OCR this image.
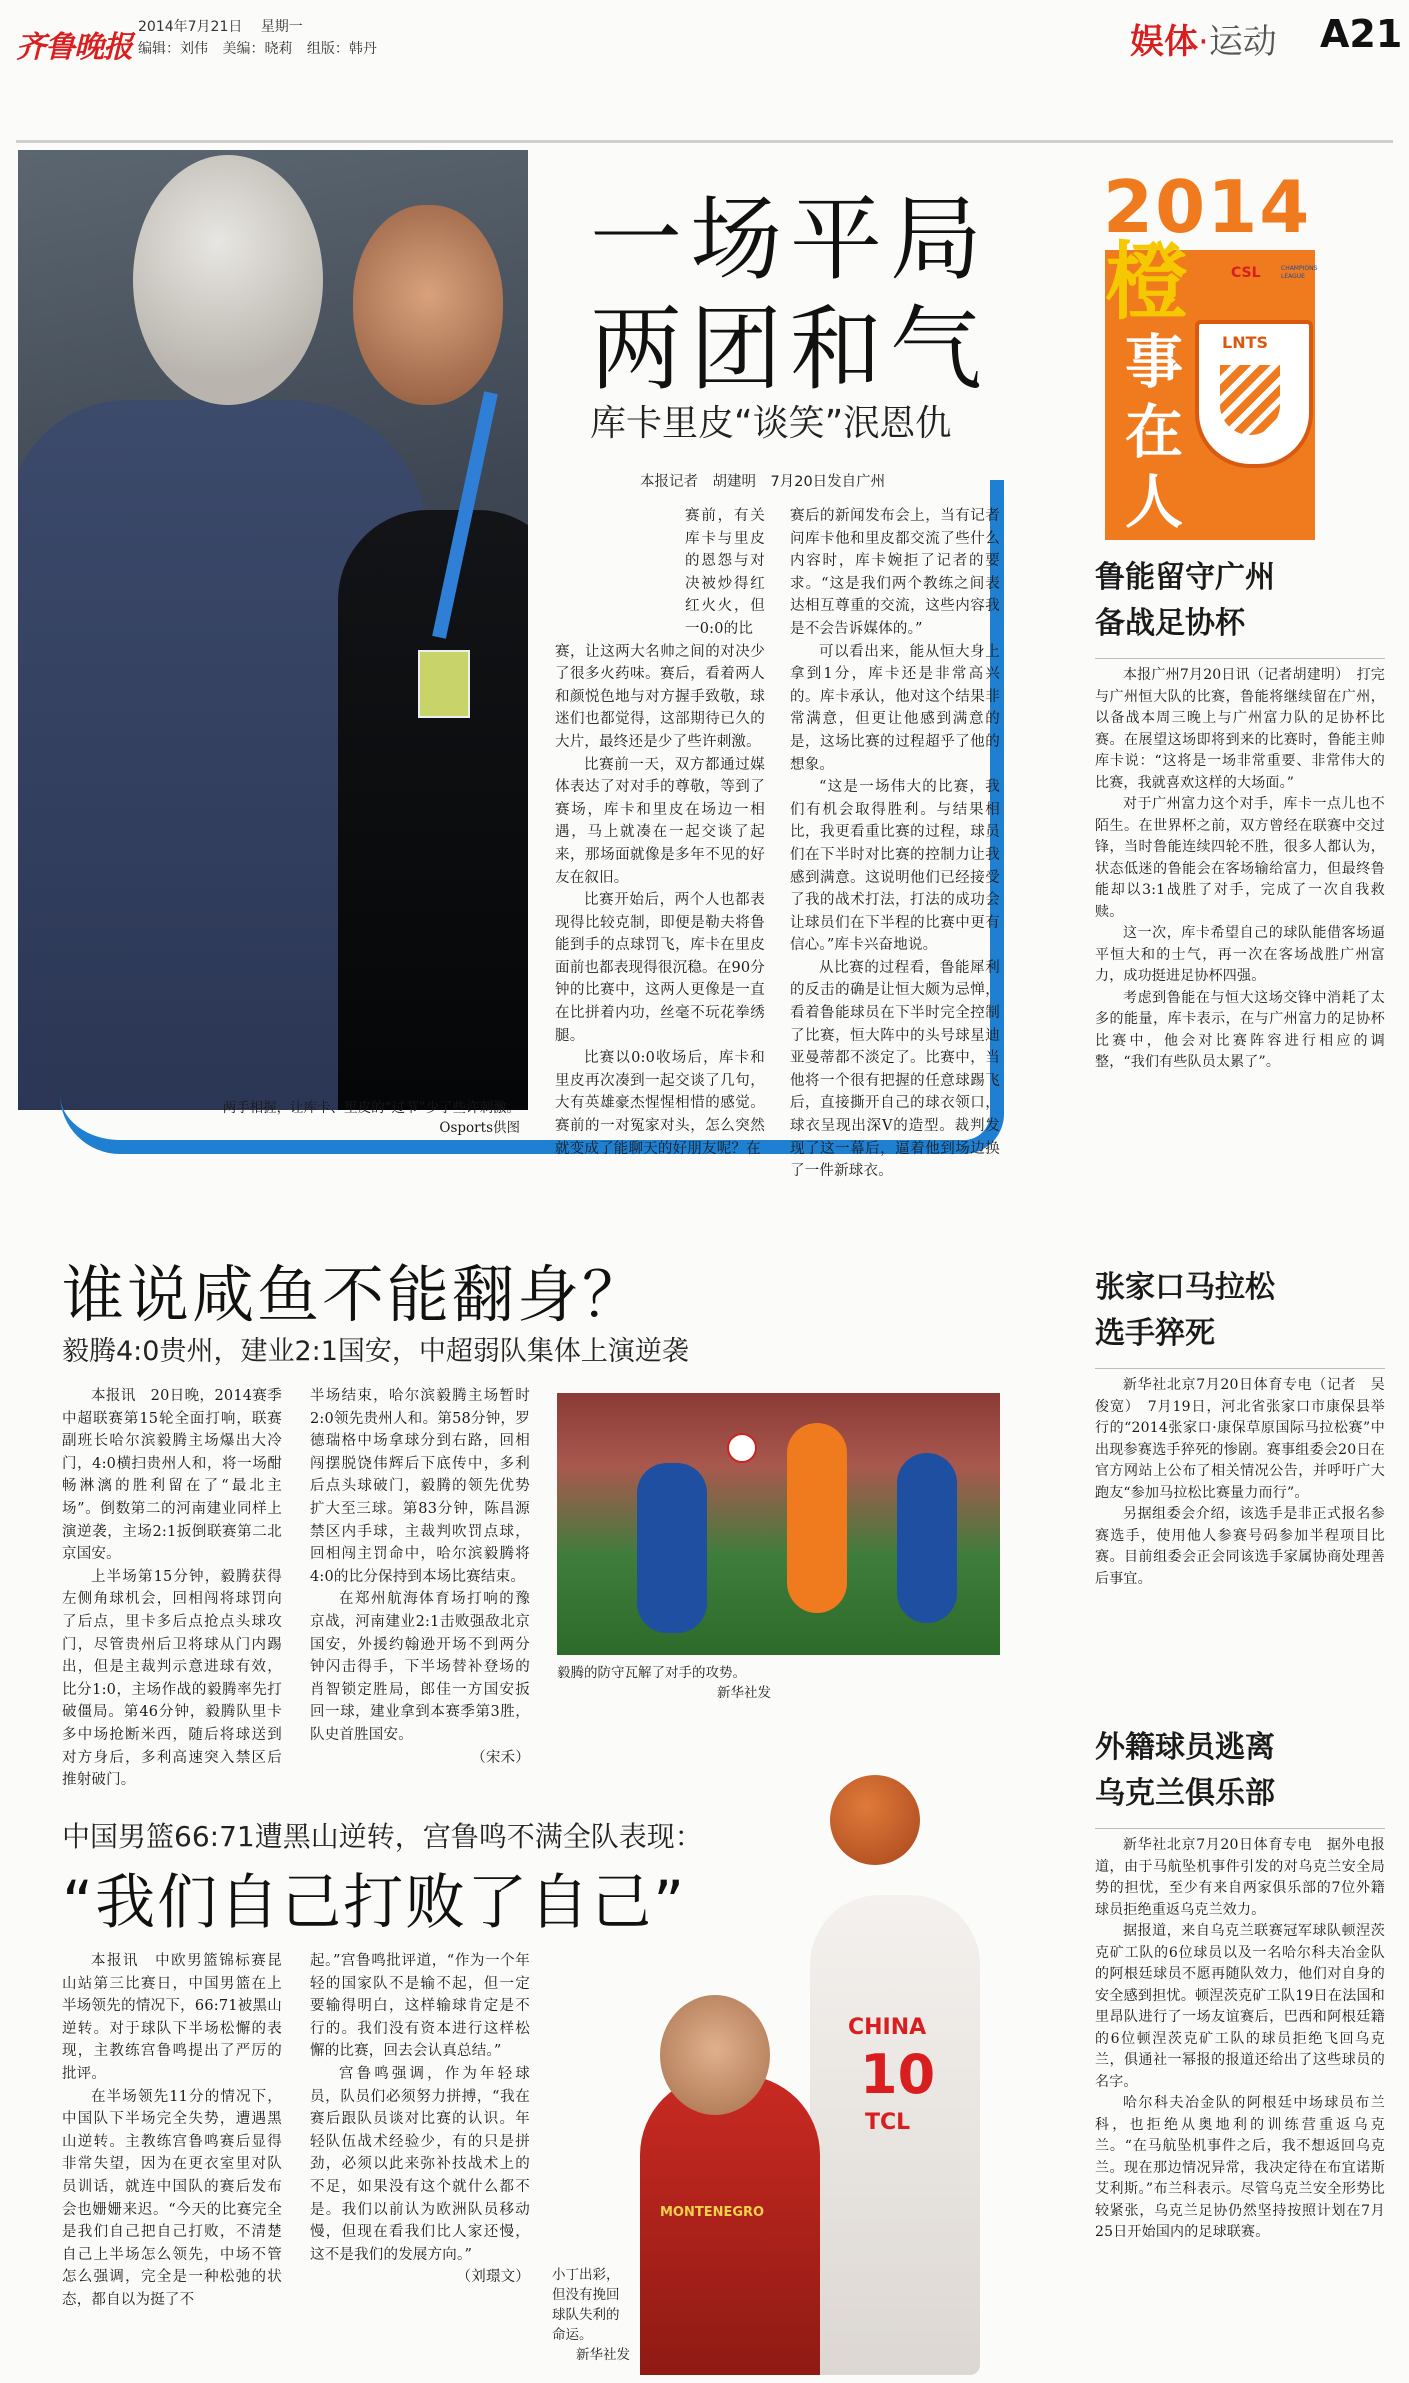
齐鲁晚报
2014年7月21日 星期一
编辑：刘伟 美编：晓莉 组版：韩丹	娱体·运动 A21
一场平局
两团和气
库卡里皮“谈笑”泯恩仇
本报记者　胡建明　7月20日发自广州

赛前，有关库卡与里皮的恩怨与对决被炒得红红火火，但一0:0的比

赛，让这两大名帅之间的对决少了很多火药味。赛后，看着两人和颜悦色地与对方握手致敬，球迷们也都觉得，这部期待已久的大片，最终还是少了些许刺激。

比赛前一天，双方都通过媒体表达了对对手的尊敬，等到了赛场，库卡和里皮在场边一相遇，马上就凑在一起交谈了起来，那场面就像是多年不见的好友在叙旧。

比赛开始后，两个人也都表现得比较克制，即便是勒夫将鲁能到手的点球罚飞，库卡在里皮面前也都表现得很沉稳。在90分钟的比赛中，这两人更像是一直在比拼着内功，丝毫不玩花拳绣腿。

比赛以0:0收场后，库卡和里皮再次凑到一起交谈了几句，大有英雄豪杰惺惺相惜的感觉。赛前的一对冤家对头，怎么突然就变成了能聊天的好朋友呢？在

赛后的新闻发布会上，当有记者问库卡他和里皮都交流了些什么内容时，库卡婉拒了记者的要求。“这是我们两个教练之间表达相互尊重的交流，这些内容我是不会告诉媒体的。”

可以看出来，能从恒大身上拿到1分，库卡还是非常高兴的。库卡承认，他对这个结果非常满意，但更让他感到满意的是，这场比赛的过程超乎了他的想象。

“这是一场伟大的比赛，我们有机会取得胜利。与结果相比，我更看重比赛的过程，球员们在下半时对比赛的控制力让我感到满意。这说明他们已经接受了我的战术打法，打法的成功会让球员们在下半程的比赛中更有信心。”库卡兴奋地说。

从比赛的过程看，鲁能犀利的反击的确是让恒大颇为忌惮，看着鲁能球员在下半时完全控制了比赛，恒大阵中的头号球星迪亚曼蒂都不淡定了。比赛中，当他将一个很有把握的任意球踢飞后，直接撕开自己的球衣领口，球衣呈现出深V的造型。裁判发现了这一幕后，逼着他到场边换了一件新球衣。

两手相握，让库卡、里皮的“过节”少了些许刺激。
Osports供图
谁说咸鱼不能翻身？
毅腾4:0贵州，建业2:1国安，中超弱队集体上演逆袭

本报讯　20日晚，2014赛季中超联赛第15轮全面打响，联赛副班长哈尔滨毅腾主场爆出大冷门，4:0横扫贵州人和，将一场酣畅淋漓的胜利留在了“最北主场”。倒数第二的河南建业同样上演逆袭，主场2:1扳倒联赛第二北京国安。

上半场第15分钟，毅腾获得左侧角球机会，回相闯将球罚向了后点，里卡多后点抢点头球攻门，尽管贵州后卫将球从门内踢出，但是主裁判示意进球有效，比分1:0，主场作战的毅腾率先打破僵局。第46分钟，毅腾队里卡多中场抢断米西，随后将球送到对方身后，多利高速突入禁区后推射破门。

半场结束，哈尔滨毅腾主场暂时2:0领先贵州人和。第58分钟，罗德瑞格中场拿球分到右路，回相闯摆脱饶伟辉后下底传中，多利后点头球破门，毅腾的领先优势扩大至三球。第83分钟，陈昌源禁区内手球，主裁判吹罚点球，回相闯主罚命中，哈尔滨毅腾将4:0的比分保持到本场比赛结束。

在郑州航海体育场打响的豫京战，河南建业2:1击败强敌北京国安，外援约翰逊开场不到两分钟闪击得手，下半场替补登场的肖智锁定胜局，郎佳一方国安扳回一球，建业拿到本赛季第3胜，队史首胜国安。

（宋禾）
毅腾的防守瓦解了对手的攻势。
新华社发
中国男篮66:71遭黑山逆转，宫鲁鸣不满全队表现：
“我们自己打败了自己”

本报讯　中欧男篮锦标赛昆山站第三比赛日，中国男篮在上半场领先的情况下，66:71被黑山逆转。对于球队下半场松懈的表现，主教练宫鲁鸣提出了严厉的批评。

在半场领先11分的情况下，中国队下半场完全失势，遭遇黑山逆转。主教练宫鲁鸣赛后显得非常失望，因为在更衣室里对队员训话，就连中国队的赛后发布会也姗姗来迟。“今天的比赛完全是我们自己把自己打败，不清楚自己上半场怎么领先，中场不管怎么强调，完全是一种松弛的状态，都自以为挺了不

起。”宫鲁鸣批评道，“作为一个年轻的国家队不是输不起，但一定要输得明白，这样输球肯定是不行的。我们没有资本进行这样松懈的比赛，回去会认真总结。”

宫鲁鸣强调，作为年轻球员，队员们必须努力拼搏，“我在赛后跟队员谈对比赛的认识。年轻队伍战术经验少，有的只是拼劲，必须以此来弥补技战术上的不足，如果没有这个就什么都不是。我们以前认为欧洲队员移动慢，但现在看我们比人家还慢，这不是我们的发展方向。”

（刘璟文）
CHINA
10
TCL
MONTENEGRO
小丁出彩，但没有挽回球队失利的命运。
新华社发
2014
橙
事
在
人
CSL	CHAMPIONS LEAGUE
LNTS
鲁能留守广州
备战足协杯

本报广州7月20日讯（记者胡建明）　打完与广州恒大队的比赛，鲁能将继续留在广州，以备战本周三晚上与广州富力队的足协杯比赛。在展望这场即将到来的比赛时，鲁能主帅库卡说：“这将是一场非常重要、非常伟大的比赛，我就喜欢这样的大场面。”

对于广州富力这个对手，库卡一点儿也不陌生。在世界杯之前，双方曾经在联赛中交过锋，当时鲁能连续四轮不胜，很多人都认为，状态低迷的鲁能会在客场输给富力，但最终鲁能却以3:1战胜了对手，完成了一次自我救赎。

这一次，库卡希望自己的球队能借客场逼平恒大和的士气，再一次在客场战胜广州富力，成功挺进足协杯四强。

考虑到鲁能在与恒大这场交锋中消耗了太多的能量，库卡表示，在与广州富力的足协杯比赛中，他会对比赛阵容进行相应的调整，“我们有些队员太累了”。

张家口马拉松
选手猝死

新华社北京7月20日体育专电（记者　吴俊宽）　7月19日，河北省张家口市康保县举行的“2014张家口·康保草原国际马拉松赛”中出现参赛选手猝死的惨剧。赛事组委会20日在官方网站上公布了相关情况公告，并呼吁广大跑友“参加马拉松比赛量力而行”。

另据组委会介绍，该选手是非正式报名参赛选手，使用他人参赛号码参加半程项目比赛。目前组委会正会同该选手家属协商处理善后事宜。

外籍球员逃离
乌克兰俱乐部

新华社北京7月20日体育专电　据外电报道，由于马航坠机事件引发的对乌克兰安全局势的担忧，至少有来自两家俱乐部的7位外籍球员拒绝重返乌克兰效力。

据报道，来自乌克兰联赛冠军球队顿涅茨克矿工队的6位球员以及一名哈尔科夫冶金队的阿根廷球员不愿再随队效力，他们对自身的安全感到担忧。顿涅茨克矿工队19日在法国和里昂队进行了一场友谊赛后，巴西和阿根廷籍的6位顿涅茨克矿工队的球员拒绝飞回乌克兰，俱通社一幂报的报道还给出了这些球员的名字。

哈尔科夫冶金队的阿根廷中场球员布兰科，也拒绝从奥地利的训练营重返乌克兰。“在马航坠机事件之后，我不想返回乌克兰。现在那边情况异常，我决定待在布宜诺斯艾利斯。”布兰科表示。尽管乌克兰安全形势比较紧张，乌克兰足协仍然坚持按照计划在7月25日开始国内的足球联赛。
